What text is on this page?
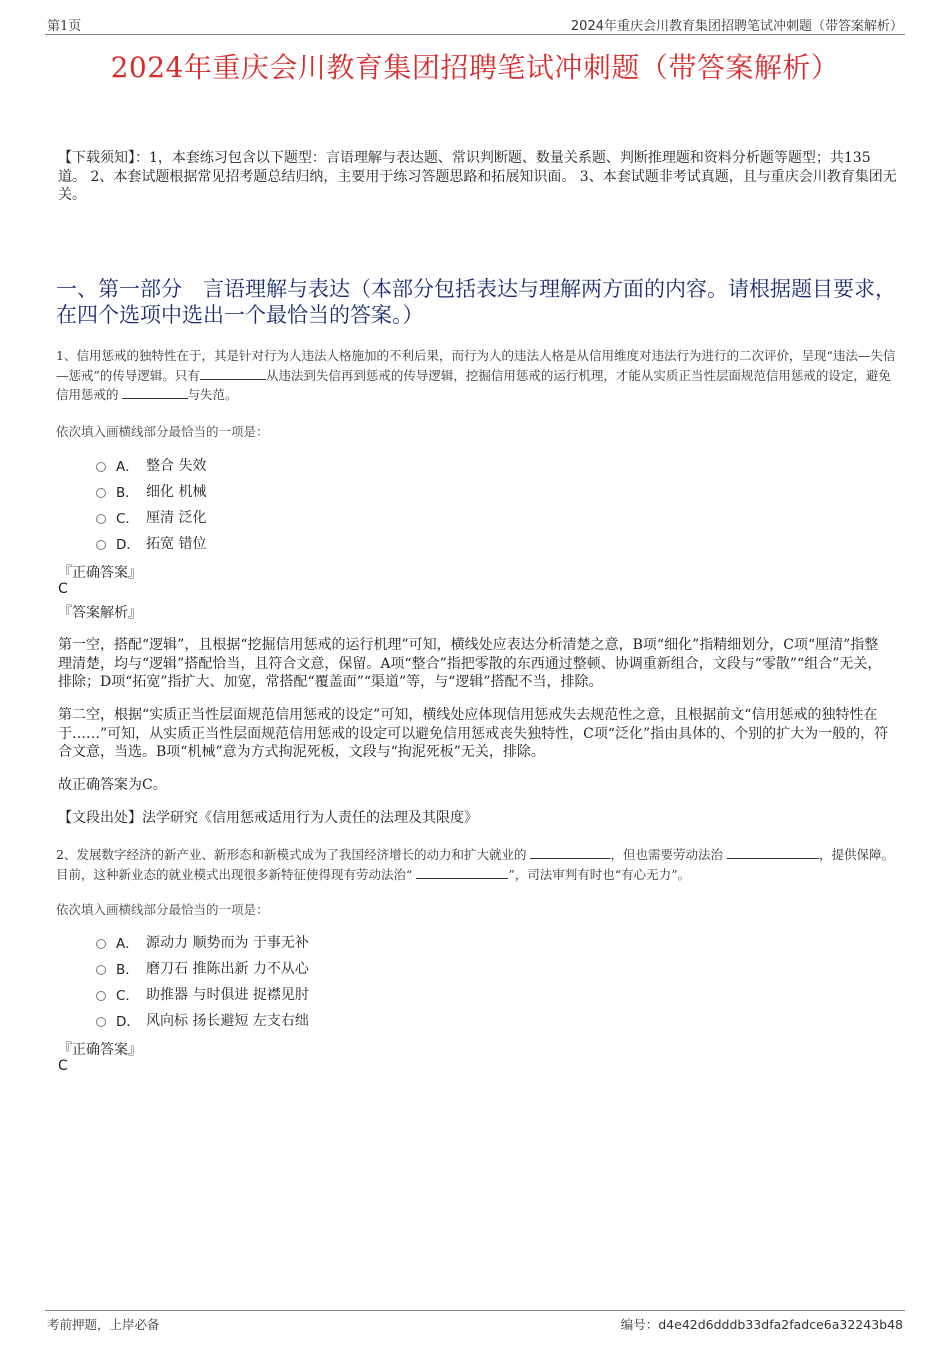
第1页	2024年重庆会川教育集团招聘笔试冲刺题（带答案解析）
2024年重庆会川教育集团招聘笔试冲刺题（带答案解析）
【下载须知】：1，本套练习包含以下题型：言语理解与表达题、常识判断题、数量关系题、判断推理题和资料分析题等题型；共135道。 2、本套试题根据常见招考题总结归纳，主要用于练习答题思路和拓展知识面。 3、本套试题非考试真题，且与重庆会川教育集团无关。
一、第一部分　言语理解与表达（本部分包括表达与理解两方面的内容。请根据题目要求，在四个选项中选出一个最恰当的答案。）
1、信用惩戒的独特性在于，其是针对行为人违法人格施加的不利后果，而行为人的违法人格是从信用维度对违法行为进行的二次评价，呈现“违法—失信—惩戒”的传导逻辑。只有	从违法到失信再到惩戒的传导逻辑，挖掘信用惩戒的运行机理，才能从实质正当性层面规范信用惩戒的设定，避免信用惩戒的	与失范。
依次填入画横线部分最恰当的一项是：
A． 整合 失效
B． 细化 机械
C． 厘清 泛化
D． 拓宽 错位
『正确答案』
C
『答案解析』
第一空，搭配“逻辑”，且根据“挖掘信用惩戒的运行机理”可知，横线处应表达分析清楚之意，B项“细化”指精细划分，C项“厘清”指整理清楚，均与“逻辑”搭配恰当，且符合文意，保留。A项“整合”指把零散的东西通过整顿、协调重新组合，文段与“零散”“组合”无关，排除；D项“拓宽”指扩大、加宽，常搭配“覆盖面”“渠道”等，与“逻辑”搭配不当，排除。
第二空，根据“实质正当性层面规范信用惩戒的设定”可知，横线处应体现信用惩戒失去规范性之意，且根据前文“信用惩戒的独特性在于……”可知，从实质正当性层面规范信用惩戒的设定可以避免信用惩戒丧失独特性，C项“泛化”指由具体的、个别的扩大为一般的，符合文意，当选。B项“机械”意为方式拘泥死板，文段与“拘泥死板”无关，排除。
故正确答案为C。
【文段出处】法学研究《信用惩戒适用行为人责任的法理及其限度》
2、发展数字经济的新产业、新形态和新模式成为了我国经济增长的动力和扩大就业的	，但也需要劳动法治	，提供保障。目前，这种新业态的就业模式出现很多新特征使得现有劳动法治“	”，司法审判有时也“有心无力”。
依次填入画横线部分最恰当的一项是：
A． 源动力 顺势而为 于事无补
B． 磨刀石 推陈出新 力不从心
C． 助推器 与时俱进 捉襟见肘
D． 风向标 扬长避短 左支右绌
『正确答案』
C
考前押题，上岸必备	编号：d4e42d6dddb33dfa2fadce6a32243b48
